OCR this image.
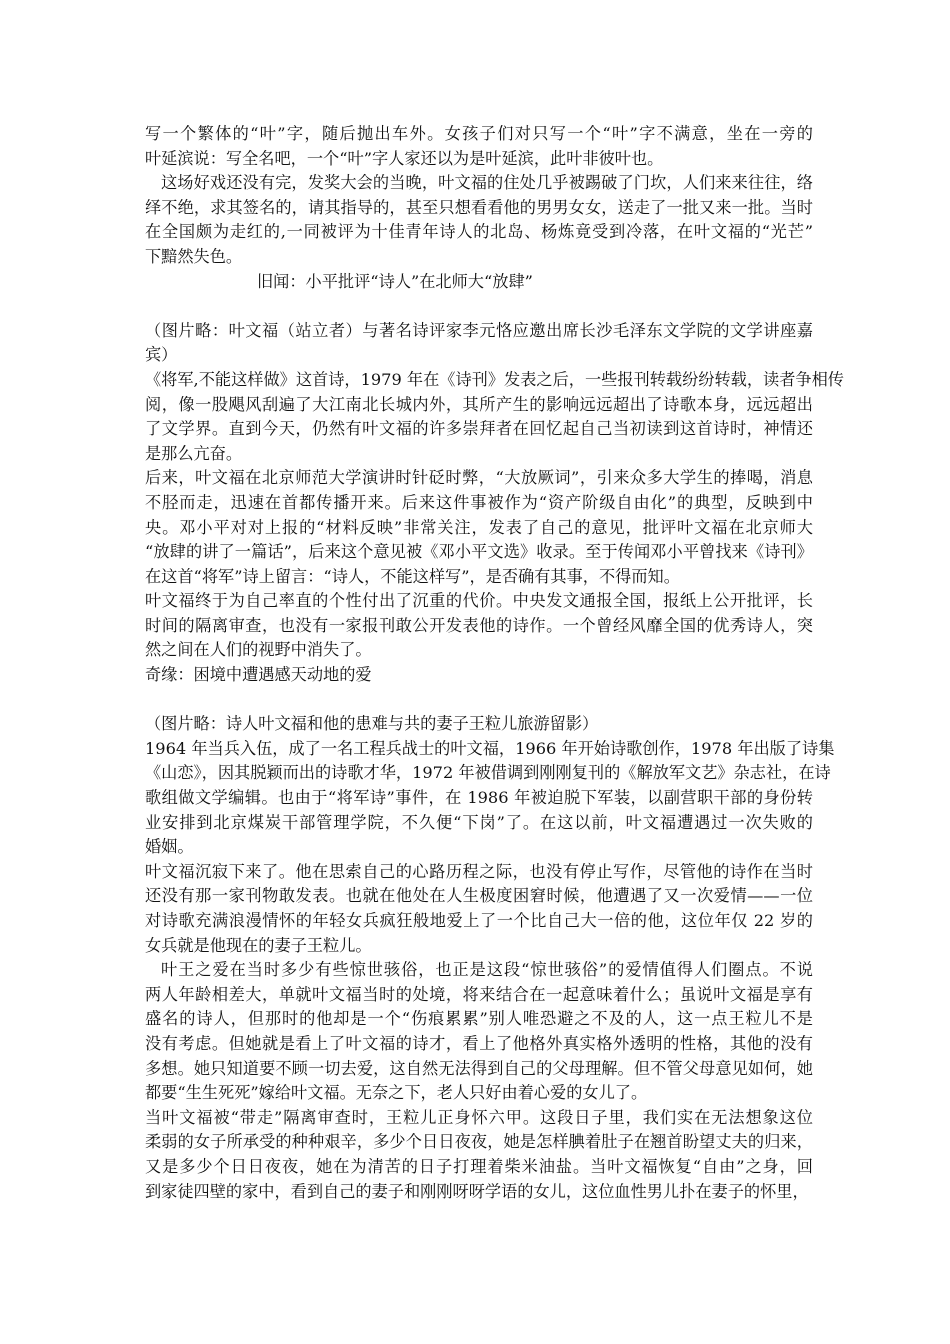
写一个繁体的“叶”字，随后抛出车外。女孩子们对只写一个“叶”字不满意，坐在一旁的
叶延滨说：写全名吧，一个“叶”字人家还以为是叶延滨，此叶非彼叶也。

这场好戏还没有完，发奖大会的当晚，叶文福的住处几乎被踢破了门坎，人们来来往往，络
绎不绝，求其签名的，请其指导的，甚至只想看看他的男男女女，送走了一批又来一批。当时
在全国颇为走红的,一同被评为十佳青年诗人的北岛、杨炼竟受到冷落，在叶文福的“光芒”
下黯然失色。

旧闻：小平批评“诗人”在北师大“放肆”

（图片略：叶文福（站立者）与著名诗评家李元恪应邀出席长沙毛泽东文学院的文学讲座嘉
宾）

《将军,不能这样做》这首诗，1979 年在《诗刊》发表之后，一些报刊转载纷纷转载，读者争相传
阅，像一股飓风刮遍了大江南北长城内外，其所产生的影响远远超出了诗歌本身，远远超出
了文学界。直到今天，仍然有叶文福的许多崇拜者在回忆起自己当初读到这首诗时，神情还
是那么亢奋。

后来，叶文福在北京师范大学演讲时针砭时弊，“大放厥词”，引来众多大学生的捧喝，消息
不胫而走，迅速在首都传播开来。后来这件事被作为“资产阶级自由化”的典型，反映到中
央。邓小平对对上报的“材料反映”非常关注，发表了自己的意见，批评叶文福在北京师大
“放肆的讲了一篇话”，后来这个意见被《邓小平文选》收录。至于传闻邓小平曾找来《诗刊》
在这首“将军”诗上留言：“诗人，不能这样写”，是否确有其事，不得而知。

叶文福终于为自己率直的个性付出了沉重的代价。中央发文通报全国，报纸上公开批评，长
时间的隔离审查，也没有一家报刊敢公开发表他的诗作。一个曾经风靡全国的优秀诗人，突
然之间在人们的视野中消失了。

奇缘：困境中遭遇感天动地的爱

（图片略：诗人叶文福和他的患难与共的妻子王粒儿旅游留影）

1964 年当兵入伍，成了一名工程兵战士的叶文福，1966 年开始诗歌创作，1978 年出版了诗集
《山恋》，因其脱颖而出的诗歌才华，1972 年被借调到刚刚复刊的《解放军文艺》杂志社，在诗
歌组做文学编辑。也由于“将军诗”事件，在 1986 年被迫脱下军装，以副营职干部的身份转
业安排到北京煤炭干部管理学院，不久便“下岗”了。在这以前，叶文福遭遇过一次失败的
婚姻。

叶文福沉寂下来了。他在思索自己的心路历程之际，也没有停止写作，尽管他的诗作在当时
还没有那一家刊物敢发表。也就在他处在人生极度困窘时候，他遭遇了又一次爱情——一位
对诗歌充满浪漫情怀的年轻女兵疯狂般地爱上了一个比自己大一倍的他，这位年仅 22 岁的
女兵就是他现在的妻子王粒儿。

叶王之爱在当时多少有些惊世骇俗，也正是这段“惊世骇俗”的爱情值得人们圈点。不说
两人年龄相差大，单就叶文福当时的处境，将来结合在一起意味着什么；虽说叶文福是享有
盛名的诗人，但那时的他却是一个“伤痕累累”别人唯恐避之不及的人，这一点王粒儿不是
没有考虑。但她就是看上了叶文福的诗才，看上了他格外真实格外透明的性格，其他的没有
多想。她只知道要不顾一切去爱，这自然无法得到自己的父母理解。但不管父母意见如何，她
都要“生生死死”嫁给叶文福。无奈之下，老人只好由着心爱的女儿了。

当叶文福被“带走”隔离审查时，王粒儿正身怀六甲。这段日子里，我们实在无法想象这位
柔弱的女子所承受的种种艰辛，多少个日日夜夜，她是怎样腆着肚子在翘首盼望丈夫的归来，
又是多少个日日夜夜，她在为清苦的日子打理着柴米油盐。当叶文福恢复“自由”之身，回
到家徒四壁的家中，看到自己的妻子和刚刚呀呀学语的女儿，这位血性男儿扑在妻子的怀里，
